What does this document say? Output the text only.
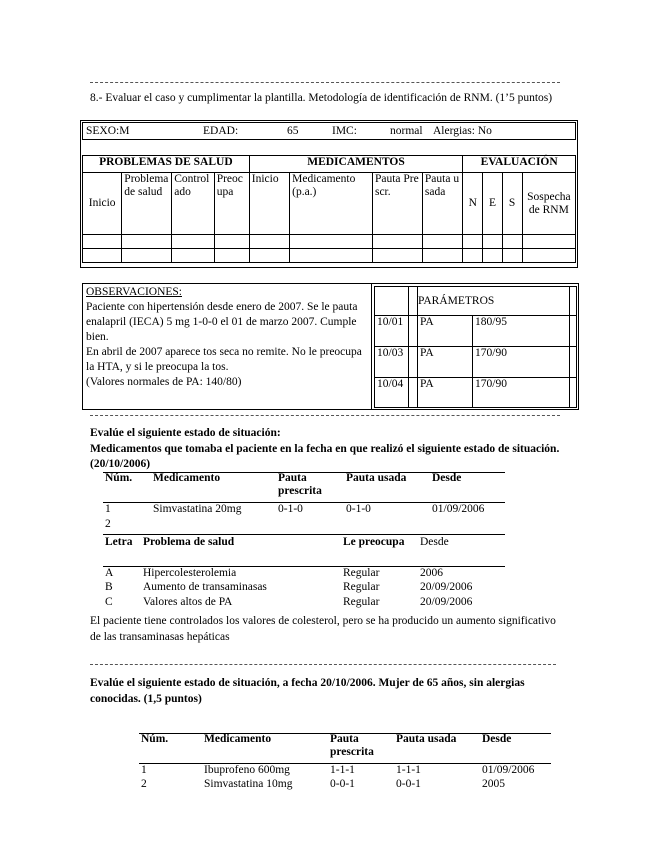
8.- Evaluar el caso y cumplimentar la plantilla. Metodología de identificación de RNM. (1’5 puntos)
SEXO:M	EDAD:	65	IMC:	normal Alergias: No
PROBLEMAS DE SALUD				MEDICAMENTOS				EVALUACIÓN			
Inicio	Problema de salud	Controlado	Preocupa	Inicio	Medicamento (p.a.)	Pauta Prescr.	Pauta usada	N	E	S	Sospecha de RNM

OBSERVACIONES:
Paciente con hipertensión desde enero de 2007. Se le pauta enalapril (IECA) 5 mg 1-0-0 el 01 de marzo 2007. Cumple bien.
En abril de 2007 aparece tos seca no remite. No le preocupa la HTA, y si le preocupa la tos.
(Valores normales de PA: 140/80)
		PARÁMETROS		
10/01		PA	180/95	
10/03		PA	170/90	
10/04		PA	170/90	
Evalúe el siguiente estado de situación:
Medicamentos que tomaba el paciente en la fecha en que realizó el siguiente estado de situación. (20/10/2006)
Núm.	Medicamento	Pauta prescrita	Pauta usada	Desde
1	Simvastatina 20mg	0-1-0	0-1-0	01/09/2006
2				
Letra	Problema de salud	Le preocupa	Desde
A	Hipercolesterolemia	Regular	2006
B	Aumento de transaminasas	Regular	20/09/2006
C	Valores altos de PA	Regular	20/09/2006
El paciente tiene controlados los valores de colesterol, pero se ha producido un aumento significativo de las transaminasas hepáticas
Evalúe el siguiente estado de situación, a fecha 20/10/2006. Mujer de 65 años, sin alergias conocidas. (1,5 puntos)
Núm.	Medicamento	Pauta prescrita	Pauta usada	Desde
1	Ibuprofeno 600mg	1-1-1	1-1-1	01/09/2006
2	Simvastatina 10mg	0-0-1	0-0-1	2005
